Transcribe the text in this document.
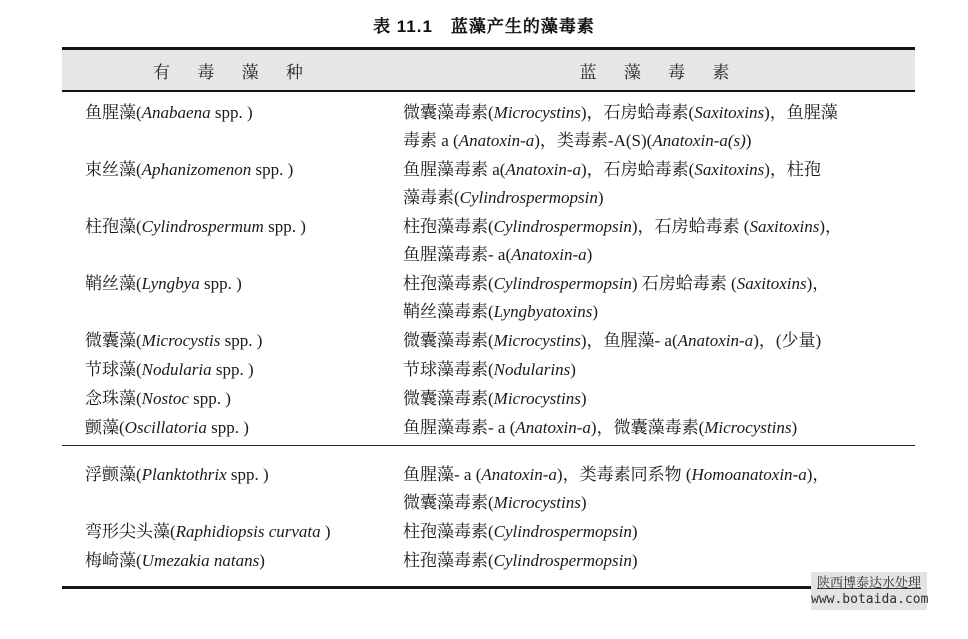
表 11.1　蓝藻产生的藻毒素
有 毒 藻 种	蓝 藻 毒 素
鱼腥藻(Anabaena spp. )	微囊藻毒素(Microcystins)，石房蛤毒素(Saxitoxins)，鱼腥藻
毒素 a (Anatoxin-a)，类毒素-A(S)(Anatoxin-a(s))
束丝藻(Aphanizomenon spp. )	鱼腥藻毒素 a(Anatoxin-a)，石房蛤毒素(Saxitoxins)，柱孢
藻毒素(Cylindrospermopsin)
柱孢藻(Cylindrospermum spp. )	柱孢藻毒素(Cylindrospermopsin)，石房蛤毒素 (Saxitoxins)，
鱼腥藻毒素- a(Anatoxin-a)
鞘丝藻(Lyngbya spp. )	柱孢藻毒素(Cylindrospermopsin) 石房蛤毒素 (Saxitoxins)，
鞘丝藻毒素(Lyngbyatoxins)
微囊藻(Microcystis spp. )	微囊藻毒素(Microcystins)，鱼腥藻- a(Anatoxin-a)，(少量)
节球藻(Nodularia spp. )	节球藻毒素(Nodularins)
念珠藻(Nostoc spp. )	微囊藻毒素(Microcystins)
颤藻(Oscillatoria spp. )	鱼腥藻毒素- a (Anatoxin-a)，微囊藻毒素(Microcystins)
浮颤藻(Planktothrix spp. )	鱼腥藻- a (Anatoxin-a)，类毒素同系物 (Homoanatoxin-a)，
微囊藻毒素(Microcystins)
弯形尖头藻(Raphidiopsis curvata )	柱孢藻毒素(Cylindrospermopsin)
梅崎藻(Umezakia natans)	柱孢藻毒素(Cylindrospermopsin)
陕西博泰达水处理
www.botaida.com
